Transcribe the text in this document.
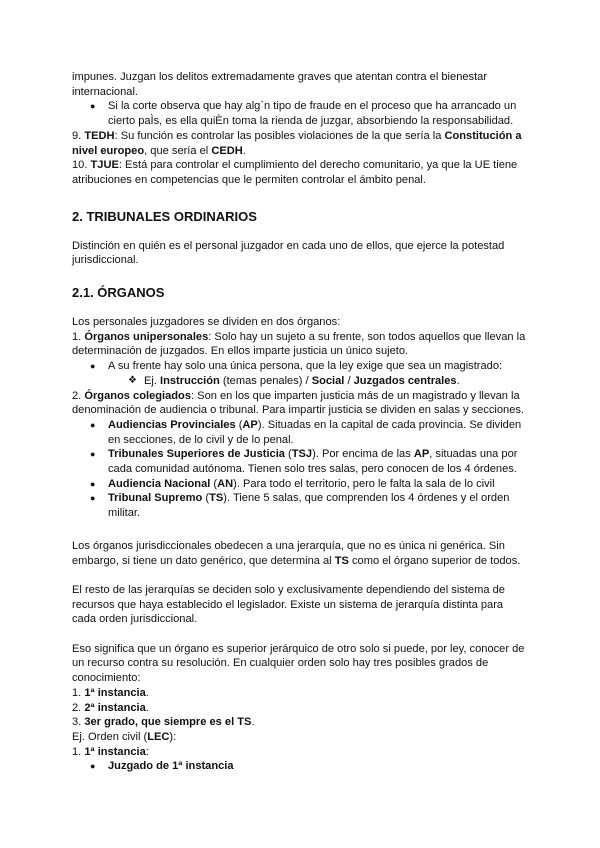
impunes. Juzgan los delitos extremadamente graves que atentan contra el bienestar internacional.

● Si la corte observa que hay alg`n tipo de fraude en el proceso que ha arrancado un cierto paÌs, es ella quiÈn toma la rienda de juzgar, absorbiendo la responsabilidad.

9. TEDH: Su función es controlar las posibles violaciones de la que sería la Constitución a nivel europeo, que sería el CEDH.

10. TJUE: Está para controlar el cumplimiento del derecho comunitario, ya que la UE tiene atribuciones en competencias que le permiten controlar el ámbito penal.

2. TRIBUNALES ORDINARIOS

Distinción en quién es el personal juzgador en cada uno de ellos, que ejerce la potestad jurisdiccional.

2.1. ÓRGANOS

Los personales juzgadores se dividen en dos órganos:

1. Órganos unipersonales: Solo hay un sujeto a su frente, son todos aquellos que llevan la determinación de juzgados. En ellos imparte justicia un único sujeto.

● A su frente hay solo una única persona, que la ley exige que sea un magistrado:
❖ Ej. Instrucción (temas penales) / Social / Juzgados centrales.

2. Órganos colegiados: Son en los que imparten justicia más de un magistrado y llevan la denominación de audiencia o tribunal. Para impartir justicia se dividen en salas y secciones.

● Audiencias Provinciales (AP). Situadas en la capital de cada provincia. Se dividen en secciones, de lo civil y de lo penal.
● Tribunales Superiores de Justicia (TSJ). Por encima de las AP, situadas una por cada comunidad autónoma. Tienen solo tres salas, pero conocen de los 4 órdenes.
● Audiencia Nacional (AN). Para todo el territorio, pero le falta la sala de lo civil
● Tribunal Supremo (TS). Tiene 5 salas, que comprenden los 4 órdenes y el orden militar.

Los órganos jurisdiccionales obedecen a una jerarquía, que no es única ni genérica. Sin embargo, si tiene un dato genérico, que determina al TS como el órgano superior de todos.

El resto de las jerarquías se deciden solo y exclusivamente dependiendo del sistema de recursos que haya establecido el legislador. Existe un sistema de jerarquía distinta para cada orden jurisdiccional.

Eso significa que un órgano es superior jerárquico de otro solo si puede, por ley, conocer de un recurso contra su resolución. En cualquier orden solo hay tres posibles grados de conocimiento:

1. 1ª instancia.

2. 2ª instancia.

3. 3er grado, que siempre es el TS.

Ej. Orden civil (LEC):

1. 1ª instancia:

● Juzgado de 1ª instancia
